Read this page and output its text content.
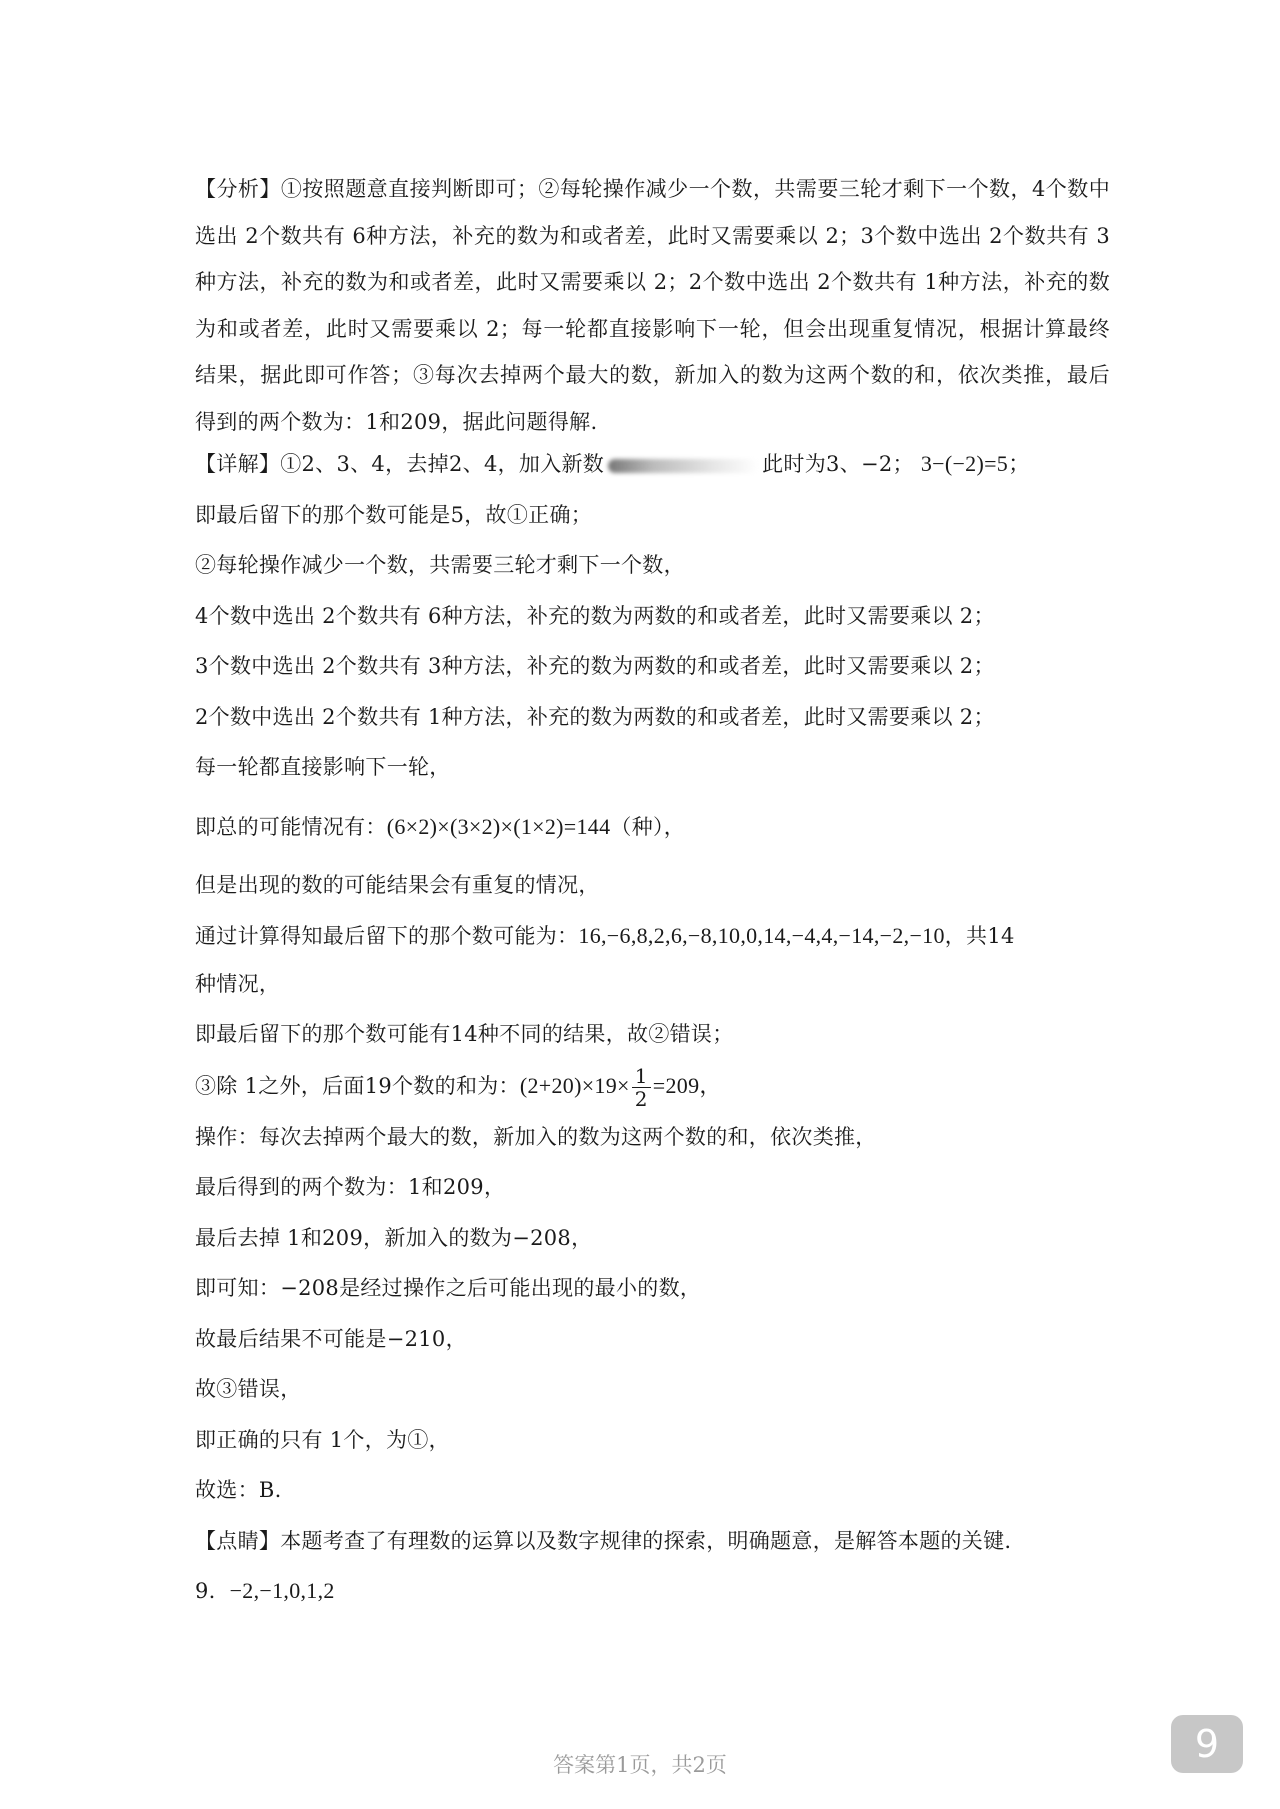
【分析】①按照题意直接判断即可；②每轮操作减少一个数，共需要三轮才剩下一个数，4个数中选出 2个数共有 6种方法，补充的数为和或者差，此时又需要乘以 2；3个数中选出 2个数共有 3种方法，补充的数为和或者差，此时又需要乘以 2；2个数中选出 2个数共有 1种方法，补充的数为和或者差，此时又需要乘以 2；每一轮都直接影响下一轮，但会出现重复情况，根据计算最终结果，据此即可作答；③每次去掉两个最大的数，新加入的数为这两个数的和，依次类推，最后得到的两个数为：1和209，据此问题得解.

【详解】①2、3、4，去掉2、4，加入新数	此时为3、−2； 3−(−2)=5；

即最后留下的那个数可能是5，故①正确；

②每轮操作减少一个数，共需要三轮才剩下一个数，

4个数中选出 2个数共有 6种方法，补充的数为两数的和或者差，此时又需要乘以 2；

3个数中选出 2个数共有 3种方法，补充的数为两数的和或者差，此时又需要乘以 2；

2个数中选出 2个数共有 1种方法，补充的数为两数的和或者差，此时又需要乘以 2；

每一轮都直接影响下一轮，

即总的可能情况有：(6×2)×(3×2)×(1×2)=144（种），

但是出现的数的可能结果会有重复的情况，

通过计算得知最后留下的那个数可能为：16,−6,8,2,6,−8,10,0,14,−4,4,−14,−2,−10，共14

种情况，

即最后留下的那个数可能有14种不同的结果，故②错误；

③除 1之外，后面19个数的和为：$(2+20)\times 19\times \frac{1}{2} =209$，

操作：每次去掉两个最大的数，新加入的数为这两个数的和，依次类推，

最后得到的两个数为：1和209，

最后去掉 1和209，新加入的数为−208，

即可知：−208是经过操作之后可能出现的最小的数，

故最后结果不可能是−210，

故③错误，

即正确的只有 1个，为①，

故选：B.

【点睛】本题考查了有理数的运算以及数字规律的探索，明确题意，是解答本题的关键.

9. −2,−1,0,1,2

答案第1页，共2页	9
